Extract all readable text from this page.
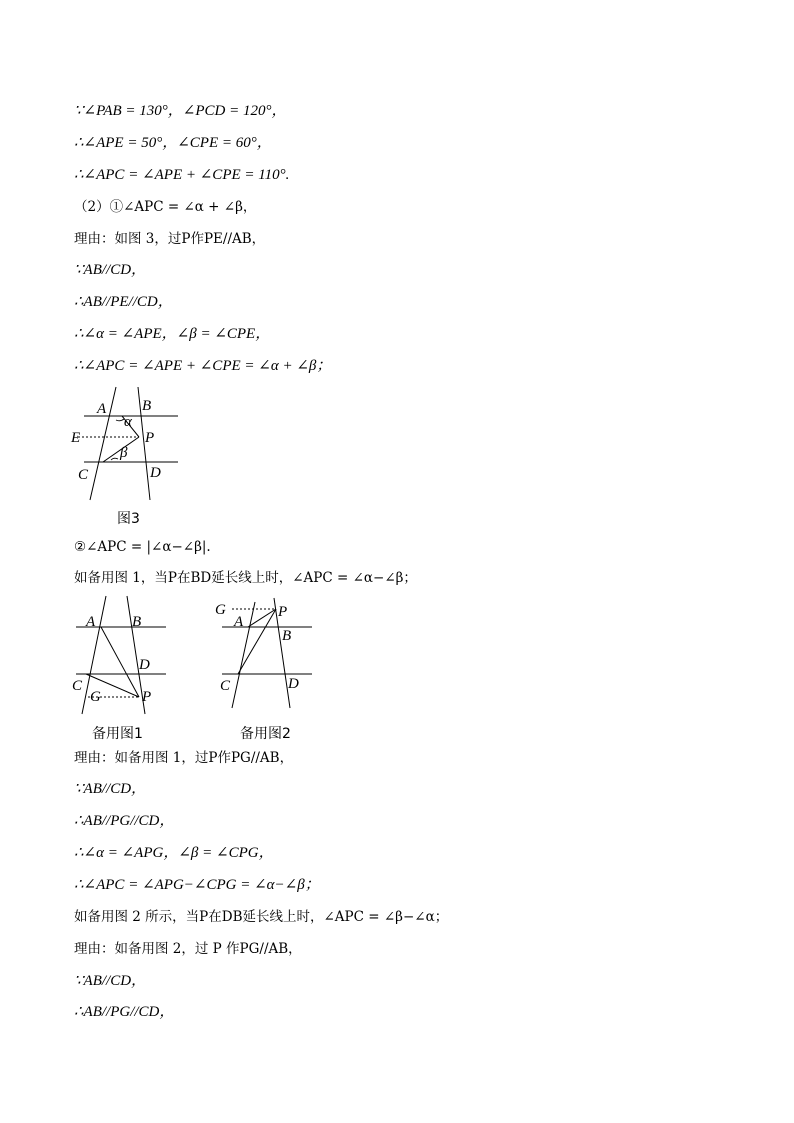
∵∠PAB = 130°，∠PCD = 120°，
∴∠APE = 50°，∠CPE = 60°，
∴∠APC = ∠APE + ∠CPE = 110°.
（2）①∠APC = ∠α + ∠β，
理由：如图 3，过P作PE//AB，
∵AB//CD，
∴AB//PE//CD，
∴∠α = ∠APE，∠β = ∠CPE，
∴∠APC = ∠APE + ∠CPE = ∠α + ∠β；
A B
E	P
C	D
α
β
图3
②∠APC = |∠α−∠β|.
如备用图 1，当P在BD延长线上时，∠APC = ∠α−∠β；
A B
C
D
G	P
备用图1
G	P
A
B
C	D
备用图2
理由：如备用图 1，过P作PG//AB，
∵AB//CD，
∴AB//PG//CD，
∴∠α = ∠APG，∠β = ∠CPG，
∴∠APC = ∠APG−∠CPG = ∠α−∠β；
如备用图 2 所示，当P在DB延长线上时，∠APC = ∠β−∠α；
理由：如备用图 2，过 P 作PG//AB，
∵AB//CD，
∴AB//PG//CD，
